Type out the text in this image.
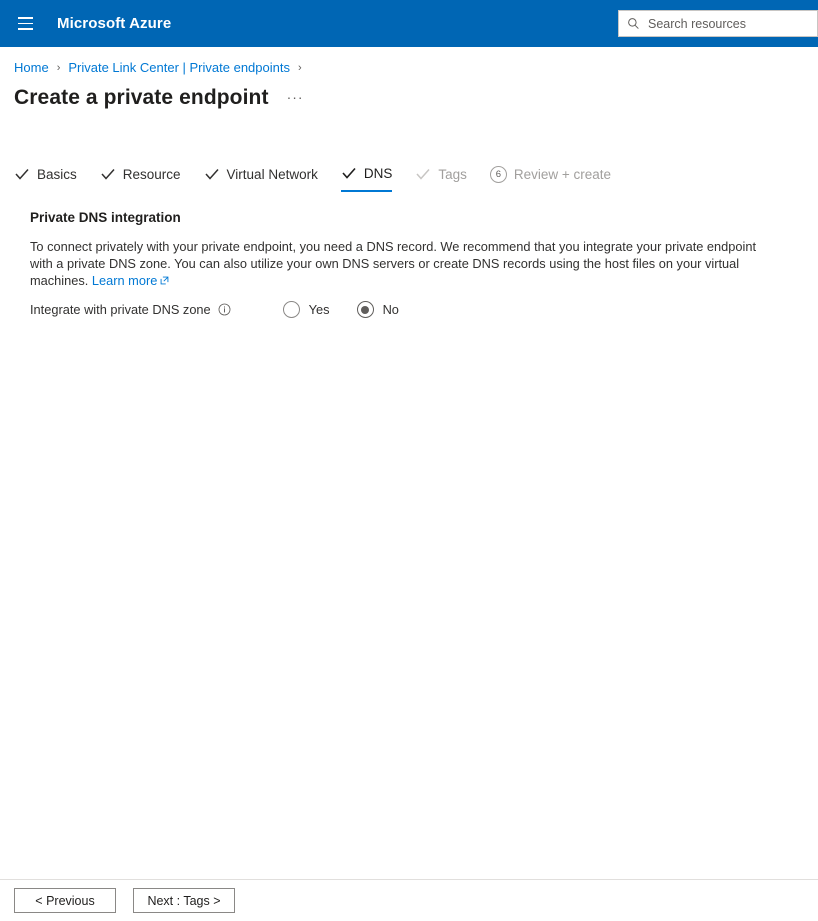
Microsoft Azure
Search resources
Home › Private Link Center | Private endpoints ›
Create a private endpoint ···
Basics	Resource	Virtual Network	DNS	Tags	6 Review + create
Private DNS integration
To connect privately with your private endpoint, you need a DNS record. We recommend that you integrate your private endpoint with a private DNS zone. You can also utilize your own DNS servers or create DNS records using the host files on your virtual machines. Learn more
Integrate with private DNS zone	Yes	No
< Previous	Next : Tags >
